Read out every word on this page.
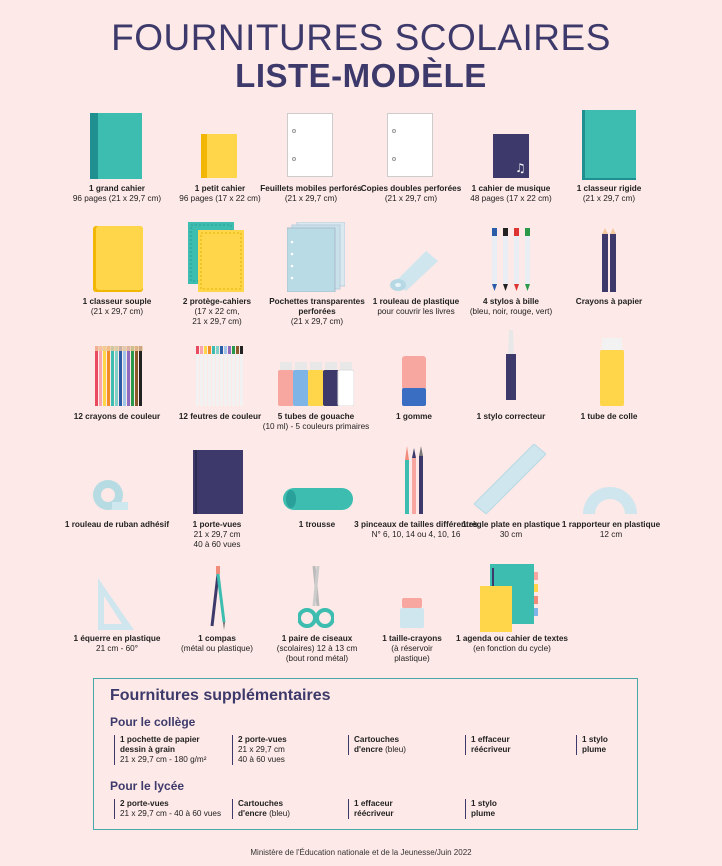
FOURNITURES SCOLAIRES
LISTE-MODÈLE
♫
1 grand cahier
96 pages (21 x 29,7 cm)
1 petit cahier
96 pages (17 x 22 cm)
Feuillets mobiles perforés
(21 x 29,7 cm)
Copies doubles perforées
(21 x 29,7 cm)
1 cahier de musique
48 pages (17 x 22 cm)
1 classeur rigide
(21 x 29,7 cm)
1 classeur souple
(21 x 29,7 cm)
2 protège-cahiers
(17 x 22 cm,
21 x 29,7 cm)
Pochettes transparentes perforées
(21 x 29,7 cm)
1 rouleau de plastique
pour couvrir les livres
4 stylos à bille
(bleu, noir, rouge, vert)
Crayons à papier
12 crayons de couleur	12 feutres de couleur	5 tubes de gouache
(10 ml) - 5 couleurs primaires
1 gomme	1 stylo correcteur	1 tube de colle
1 rouleau de ruban adhésif	1 porte-vues
21 x 29,7 cm
40 à 60 vues
1 trousse	3 pinceaux de tailles différentes
N° 6, 10, 14 ou 4, 10, 16
1 règle plate en plastique
30 cm
1 rapporteur en plastique
12 cm
1 équerre en plastique
21 cm - 60°
1 compas
(métal ou plastique)
1 paire de ciseaux
(scolaires) 12 à 13 cm
(bout rond métal)
1 taille-crayons
(à réservoir
plastique)
1 agenda ou cahier de textes
(en fonction du cycle)
Fournitures supplémentaires
Pour le collège
1 pochette de papier dessin à grain
21 x 29,7 cm - 180 g/m²
2 porte-vues
21 x 29,7 cm
40 à 60 vues
Cartouches
d'encre (bleu)
1 effaceur
réécriveur
1 stylo
plume
Pour le lycée
2 porte-vues
21 x 29,7 cm - 40 à 60 vues
Cartouches
d'encre (bleu)
1 effaceur
réécriveur
1 stylo
plume
Ministère de l'Éducation nationale et de la Jeunesse/Juin 2022
